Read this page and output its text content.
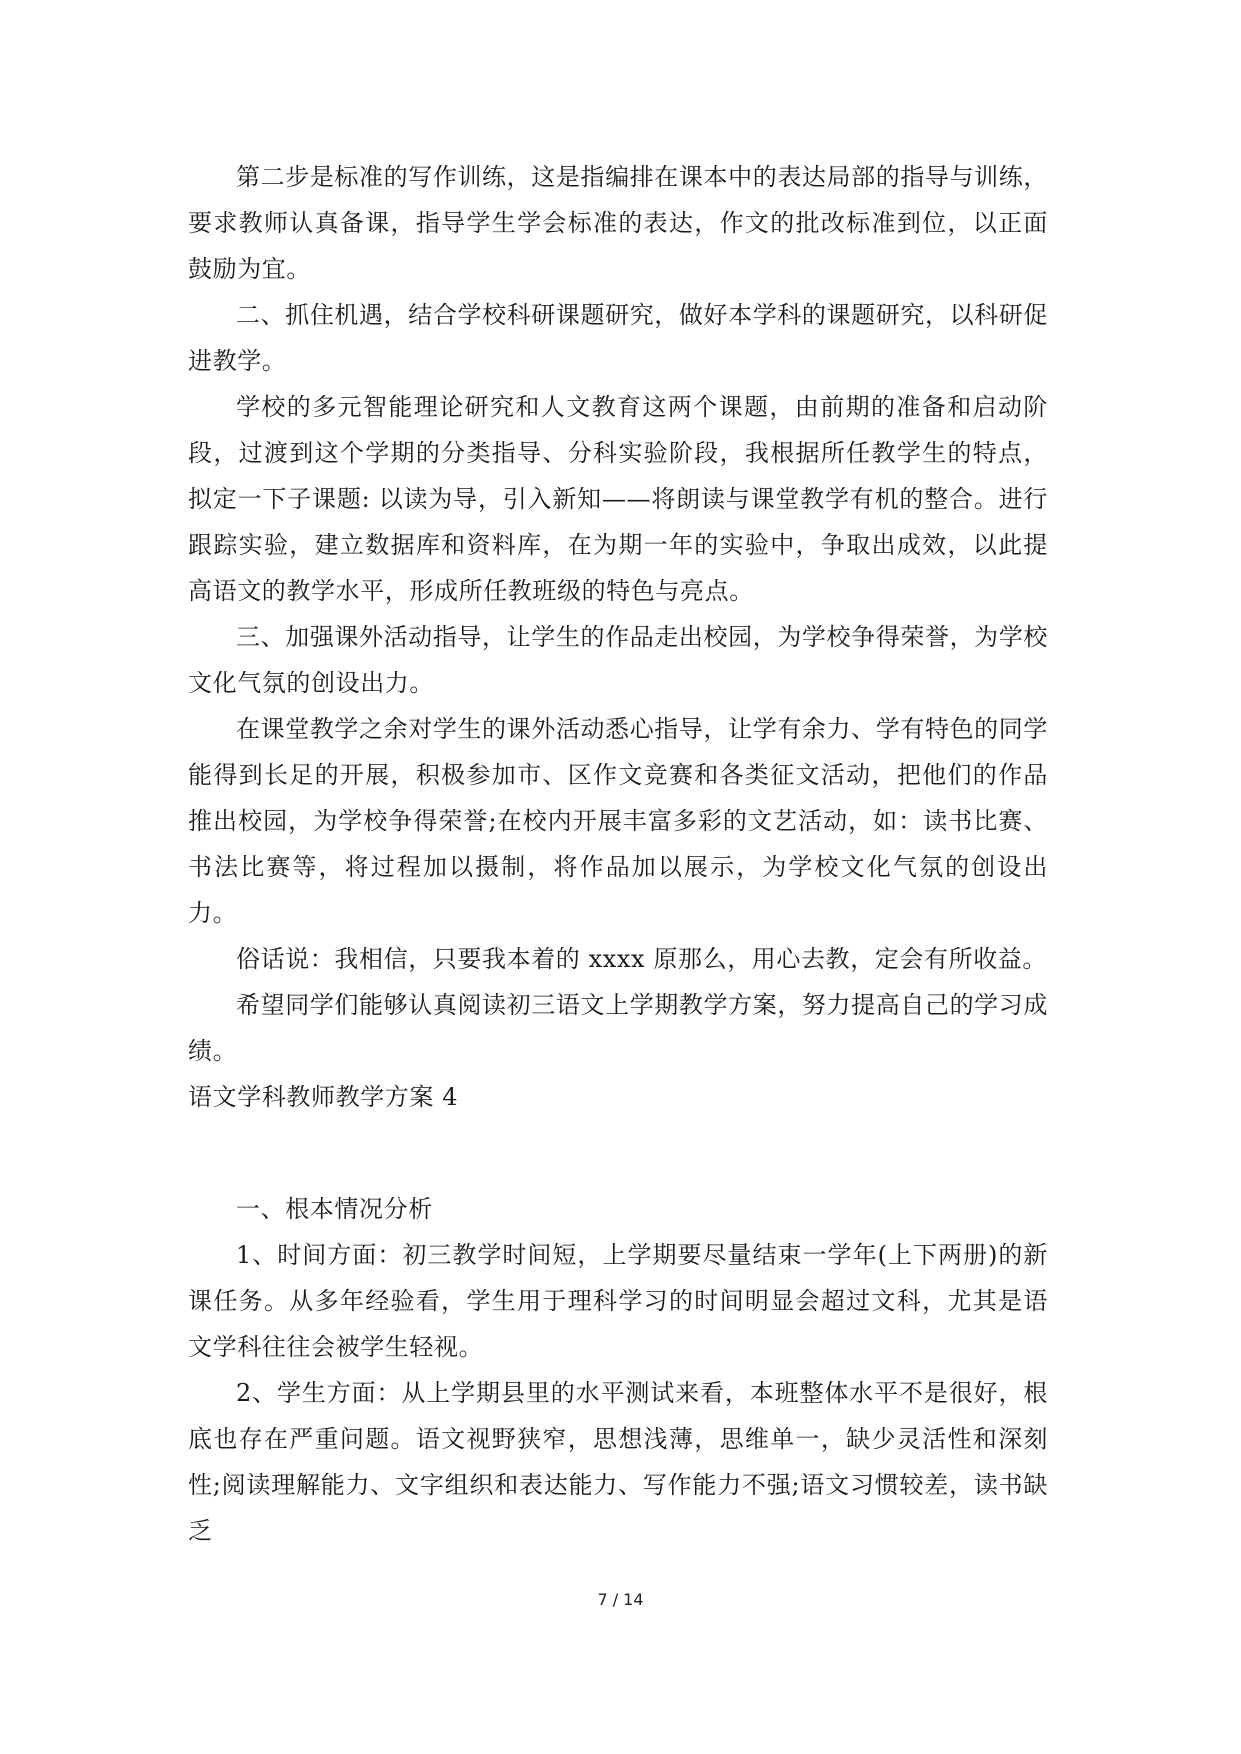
第二步是标准的写作训练，这是指编排在课本中的表达局部的指导与训练，要求教师认真备课，指导学生学会标准的表达，作文的批改标准到位，以正面鼓励为宜。

二、抓住机遇，结合学校科研课题研究，做好本学科的课题研究，以科研促进教学。

学校的多元智能理论研究和人文教育这两个课题，由前期的准备和启动阶段，过渡到这个学期的分类指导、分科实验阶段，我根据所任教学生的特点，拟定一下子课题: 以读为导，引入新知——将朗读与课堂教学有机的整合。进行跟踪实验，建立数据库和资料库，在为期一年的实验中，争取出成效，以此提高语文的教学水平，形成所任教班级的特色与亮点。

三、加强课外活动指导，让学生的作品走出校园，为学校争得荣誉，为学校文化气氛的创设出力。

在课堂教学之余对学生的课外活动悉心指导，让学有余力、学有特色的同学能得到长足的开展，积极参加市、区作文竞赛和各类征文活动，把他们的作品推出校园，为学校争得荣誉;在校内开展丰富多彩的文艺活动，如：读书比赛、书法比赛等，将过程加以摄制，将作品加以展示，为学校文化气氛的创设出力。

俗话说：我相信，只要我本着的 xxxx 原那么，用心去教，定会有所收益。

希望同学们能够认真阅读初三语文上学期教学方案，努力提高自己的学习成绩。

语文学科教师教学方案 4

一、根本情况分析

1、时间方面：初三教学时间短，上学期要尽量结束一学年(上下两册)的新课任务。从多年经验看，学生用于理科学习的时间明显会超过文科，尤其是语文学科往往会被学生轻视。

2、学生方面：从上学期县里的水平测试来看，本班整体水平不是很好，根底也存在严重问题。语文视野狭窄，思想浅薄，思维单一，缺少灵活性和深刻性;阅读理解能力、文字组织和表达能力、写作能力不强;语文习惯较差，读书缺乏

7 / 14
